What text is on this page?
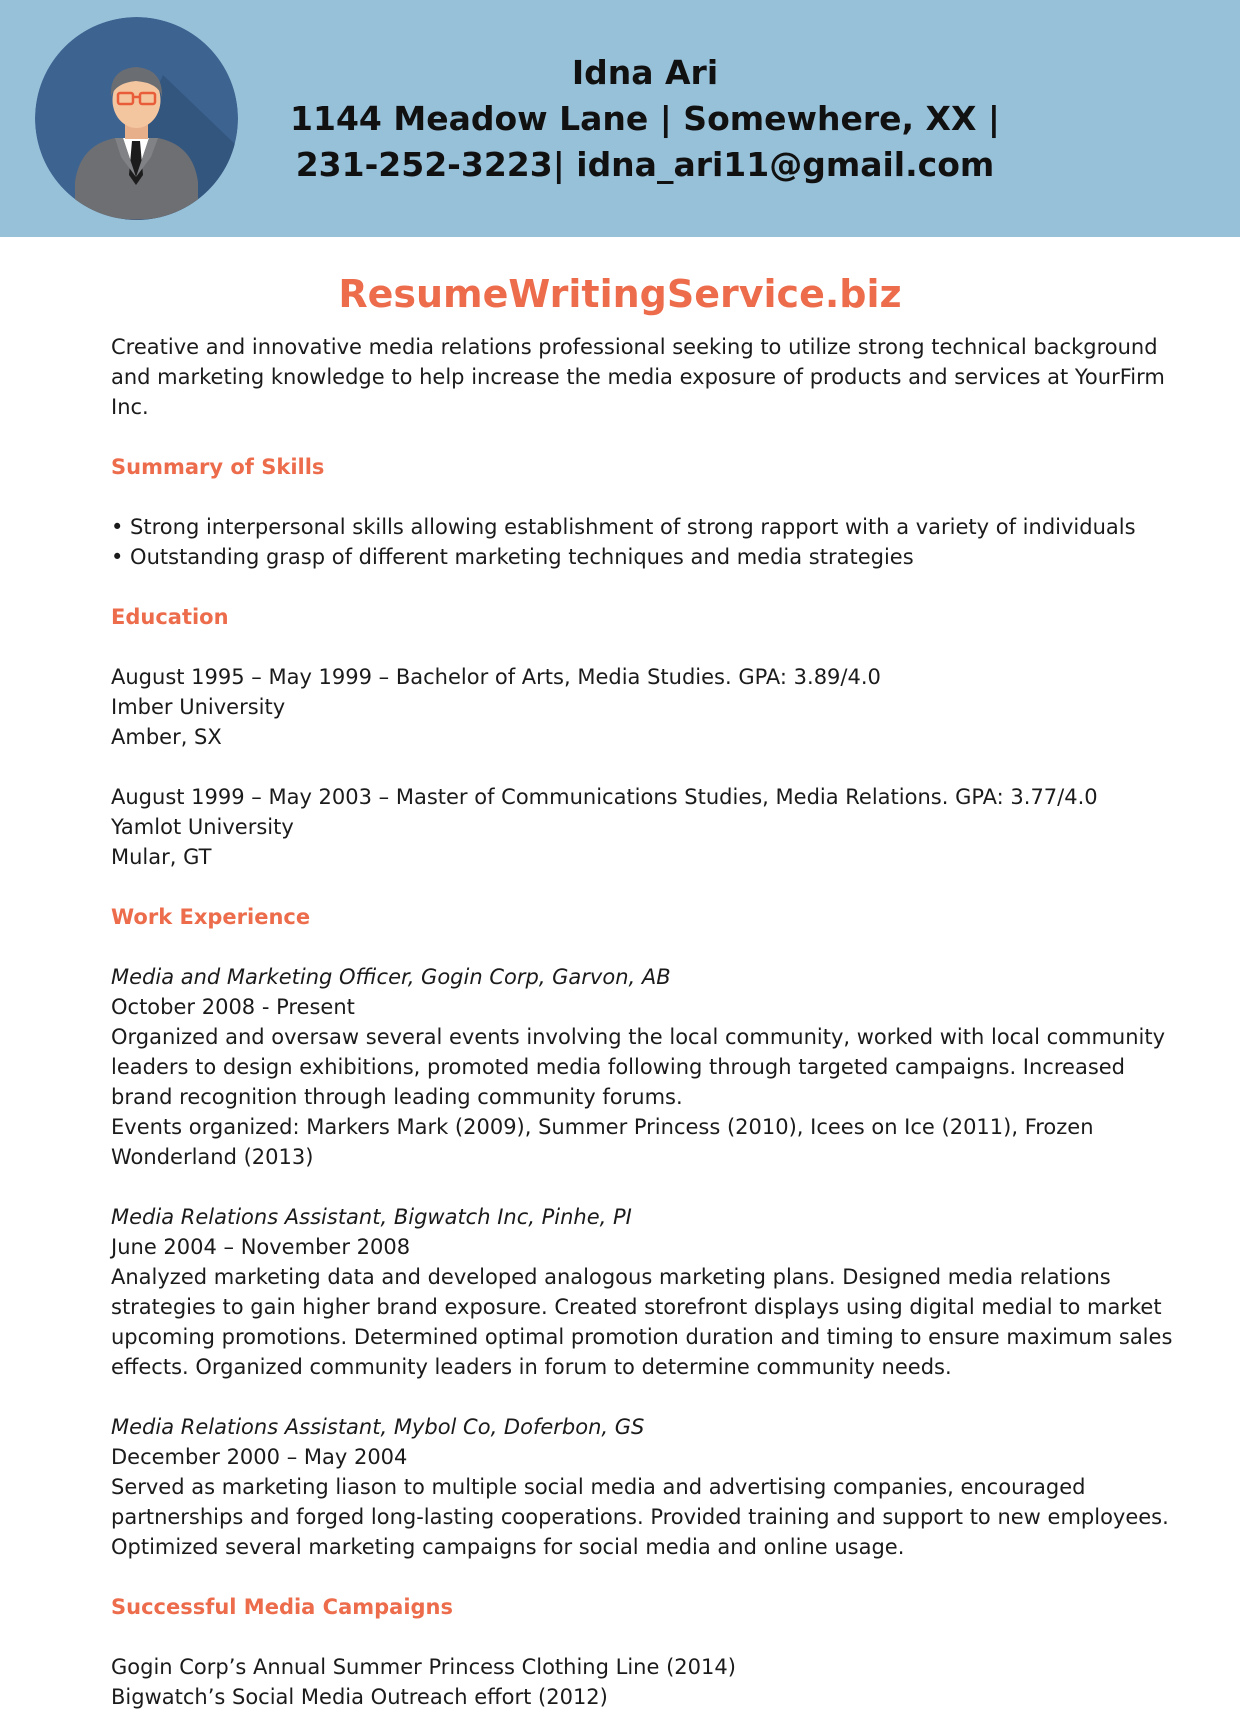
Idna Ari
1144 Meadow Lane | Somewhere, XX |
231-252-3223| idna_ari11@gmail.com
ResumeWritingService.biz

Creative and innovative media relations professional seeking to utilize strong technical background and marketing knowledge to help increase the media exposure of products and services at YourFirm Inc.

Summary of Skills

• Strong interpersonal skills allowing establishment of strong rapport with a variety of individuals

• Outstanding grasp of different marketing techniques and media strategies

Education

August 1995 – May 1999 – Bachelor of Arts, Media Studies. GPA: 3.89/4.0

Imber University

Amber, SX

August 1999 – May 2003 – Master of Communications Studies, Media Relations. GPA: 3.77/4.0

Yamlot University

Mular, GT

Work Experience

Media and Marketing Officer, Gogin Corp, Garvon, AB

October 2008 - Present

Organized and oversaw several events involving the local community, worked with local community leaders to design exhibitions, promoted media following through targeted campaigns. Increased brand recognition through leading community forums.

Events organized: Markers Mark (2009), Summer Princess (2010), Icees on Ice (2011), Frozen Wonderland (2013)

Media Relations Assistant, Bigwatch Inc, Pinhe, PI

June 2004 – November 2008

Analyzed marketing data and developed analogous marketing plans. Designed media relations strategies to gain higher brand exposure. Created storefront displays using digital medial to market upcoming promotions. Determined optimal promotion duration and timing to ensure maximum sales effects. Organized community leaders in forum to determine community needs.

Media Relations Assistant, Mybol Co, Doferbon, GS

December 2000 – May 2004

Served as marketing liason to multiple social media and advertising companies, encouraged partnerships and forged long-lasting cooperations. Provided training and support to new employees. Optimized several marketing campaigns for social media and online usage.

Successful Media Campaigns

Gogin Corp’s Annual Summer Princess Clothing Line (2014)

Bigwatch’s Social Media Outreach effort (2012)
